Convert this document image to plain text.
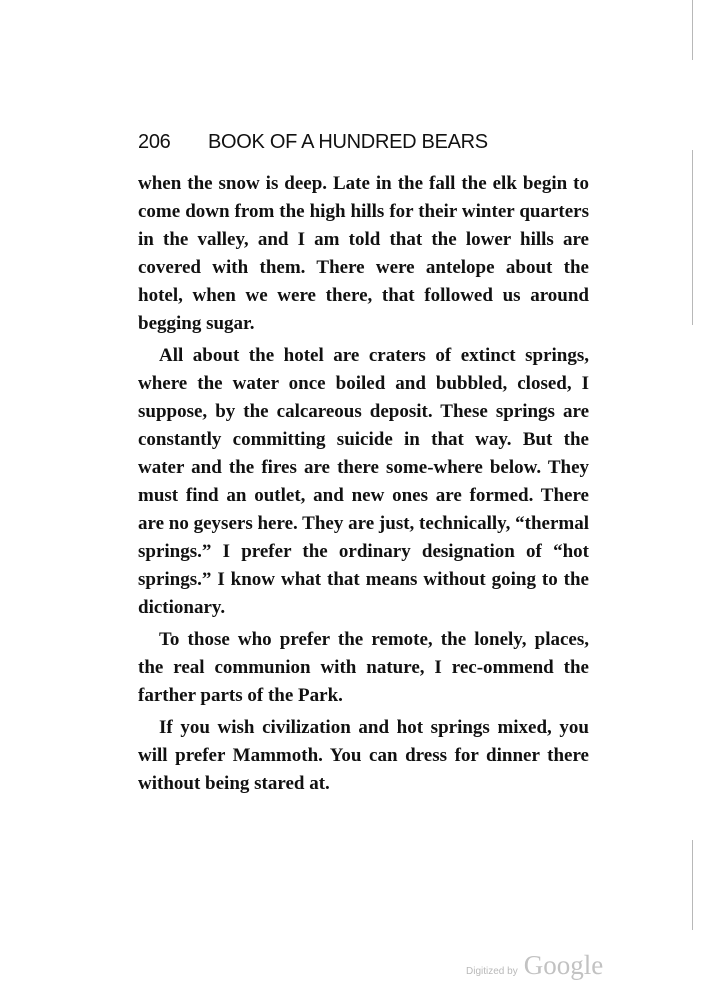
206 BOOK OF A HUNDRED BEARS

when the snow is deep. Late in the fall the elk begin to come down from the high hills for their winter quarters in the valley, and I am told that the lower hills are covered with them. There were antelope about the hotel, when we were there, that followed us around begging sugar.

All about the hotel are craters of extinct springs, where the water once boiled and bubbled, closed, I suppose, by the calcareous deposit. These springs are constantly committing suicide in that way. But the water and the fires are there some-where below. They must find an outlet, and new ones are formed. There are no geysers here. They are just, technically, “thermal springs.” I prefer the ordinary designation of “hot springs.” I know what that means without going to the dictionary.

To those who prefer the remote, the lonely, places, the real communion with nature, I rec-ommend the farther parts of the Park.

If you wish civilization and hot springs mixed, you will prefer Mammoth. You can dress for dinner there without being stared at.

Digitized by Google
